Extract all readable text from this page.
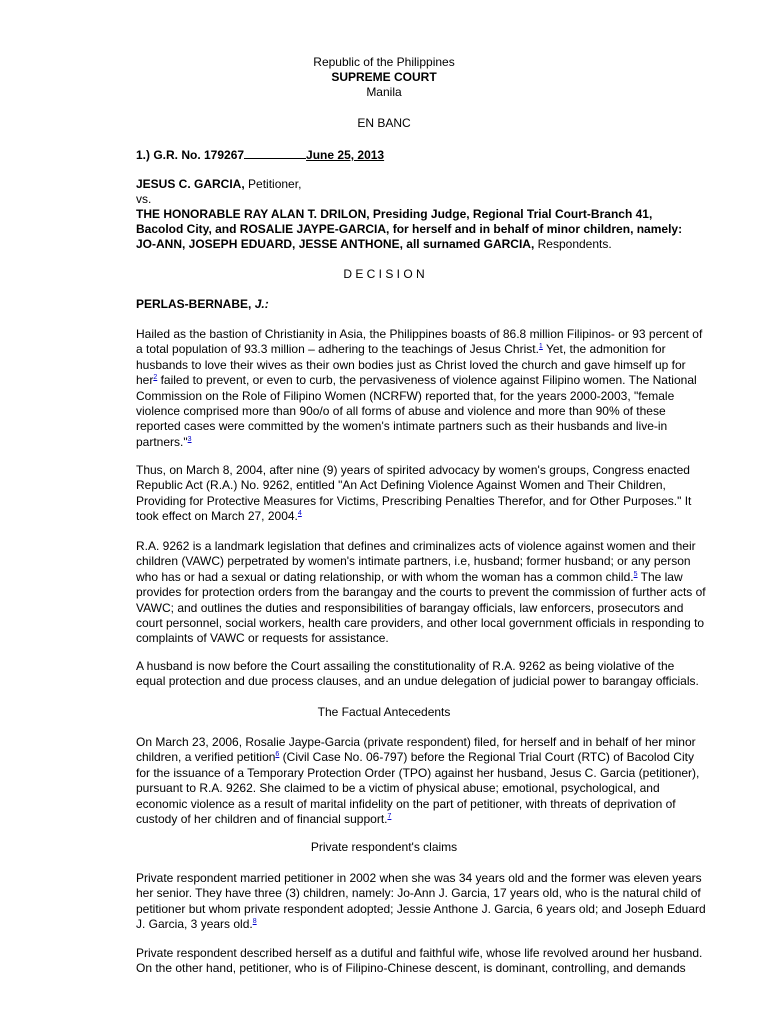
Republic of the Philippines
SUPREME COURT
Manila
EN BANC
1.) G.R. No. 179267	June 25, 2013
JESUS C. GARCIA, Petitioner,
vs.
THE HONORABLE RAY ALAN T. DRILON, Presiding Judge, Regional Trial Court-Branch 41,
Bacolod City, and ROSALIE JAYPE-GARCIA, for herself and in behalf of minor children, namely:
JO-ANN, JOSEPH EDUARD, JESSE ANTHONE, all surnamed GARCIA, Respondents.
D E C I S I O N
PERLAS-BERNABE, J.:
Hailed as the bastion of Christianity in Asia, the Philippines boasts of 86.8 million Filipinos- or 93 percent of
a total population of 93.3 million – adhering to the teachings of Jesus Christ.$^1$ Yet, the admonition for
husbands to love their wives as their own bodies just as Christ loved the church and gave himself up for
her$^2$ failed to prevent, or even to curb, the pervasiveness of violence against Filipino women. The National
Commission on the Role of Filipino Women (NCRFW) reported that, for the years 2000-2003, "female
violence comprised more than 90o/o of all forms of abuse and violence and more than 90% of these
reported cases were committed by the women's intimate partners such as their husbands and live-in
partners."$^3$
Thus, on March 8, 2004, after nine (9) years of spirited advocacy by women's groups, Congress enacted
Republic Act (R.A.) No. 9262, entitled "An Act Defining Violence Against Women and Their Children,
Providing for Protective Measures for Victims, Prescribing Penalties Therefor, and for Other Purposes." It
took effect on March 27, 2004.$^4$
R.A. 9262 is a landmark legislation that defines and criminalizes acts of violence against women and their
children (VAWC) perpetrated by women's intimate partners, i.e, husband; former husband; or any person
who has or had a sexual or dating relationship, or with whom the woman has a common child.$^5$ The law
provides for protection orders from the barangay and the courts to prevent the commission of further acts of
VAWC; and outlines the duties and responsibilities of barangay officials, law enforcers, prosecutors and
court personnel, social workers, health care providers, and other local government officials in responding to
complaints of VAWC or requests for assistance.
A husband is now before the Court assailing the constitutionality of R.A. 9262 as being violative of the
equal protection and due process clauses, and an undue delegation of judicial power to barangay officials.
The Factual Antecedents
On March 23, 2006, Rosalie Jaype-Garcia (private respondent) filed, for herself and in behalf of her minor
children, a verified petition$^6$ (Civil Case No. 06-797) before the Regional Trial Court (RTC) of Bacolod City
for the issuance of a Temporary Protection Order (TPO) against her husband, Jesus C. Garcia (petitioner),
pursuant to R.A. 9262. She claimed to be a victim of physical abuse; emotional, psychological, and
economic violence as a result of marital infidelity on the part of petitioner, with threats of deprivation of
custody of her children and of financial support.$^7$
Private respondent's claims
Private respondent married petitioner in 2002 when she was 34 years old and the former was eleven years
her senior. They have three (3) children, namely: Jo-Ann J. Garcia, 17 years old, who is the natural child of
petitioner but whom private respondent adopted; Jessie Anthone J. Garcia, 6 years old; and Joseph Eduard
J. Garcia, 3 years old.$^8$
Private respondent described herself as a dutiful and faithful wife, whose life revolved around her husband.
On the other hand, petitioner, who is of Filipino-Chinese descent, is dominant, controlling, and demands
